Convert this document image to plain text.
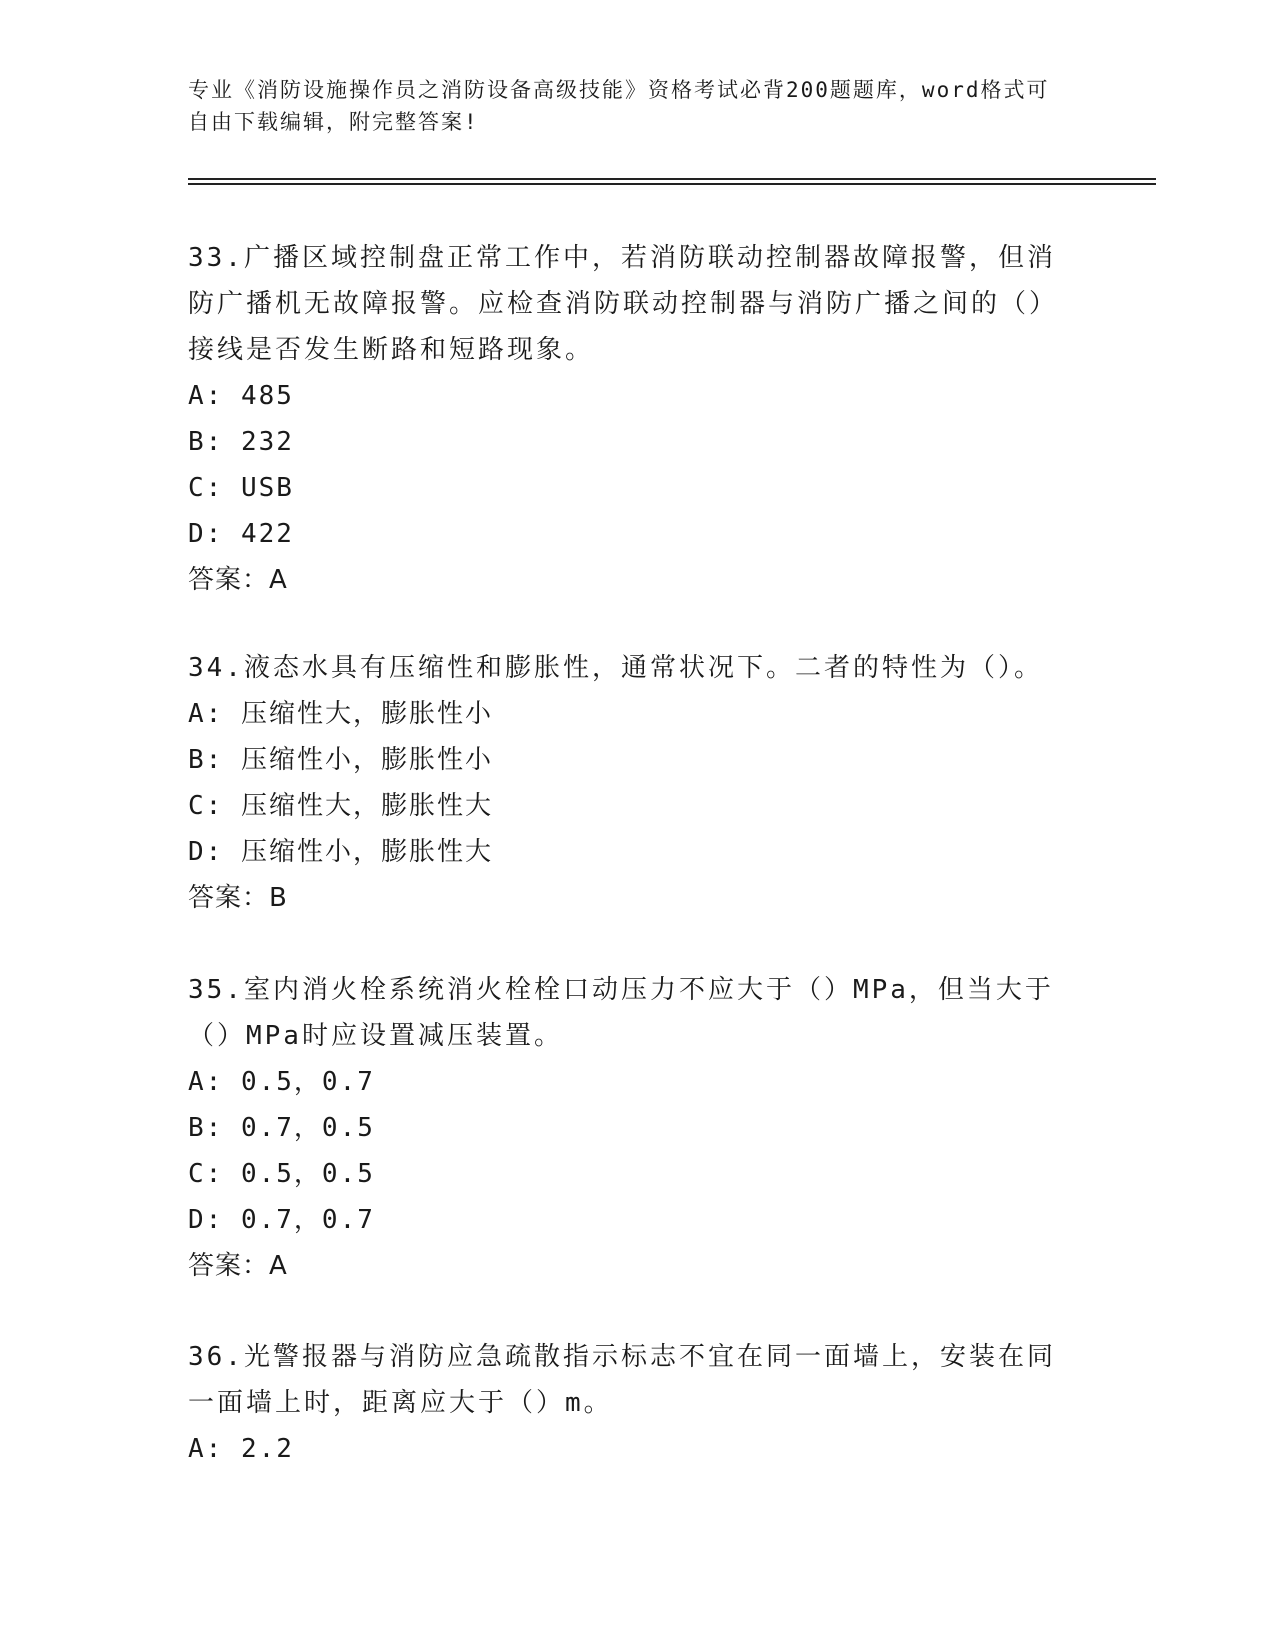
专业《消防设施操作员之消防设备高级技能》资格考试必背200题题库，word格式可自由下载编辑，附完整答案!

33.广播区域控制盘正常工作中，若消防联动控制器故障报警，但消防广播机无故障报警。应检查消防联动控制器与消防广播之间的（）接线是否发生断路和短路现象。

A: 485

B: 232

C: USB

D: 422

答案：A

34.液态水具有压缩性和膨胀性，通常状况下。二者的特性为（）。

A: 压缩性大，膨胀性小

B: 压缩性小，膨胀性小

C: 压缩性大，膨胀性大

D: 压缩性小，膨胀性大

答案：B

35.室内消火栓系统消火栓栓口动压力不应大于（）MPa，但当大于（）MPa时应设置减压装置。

A: 0.5，0.7

B: 0.7，0.5

C: 0.5，0.5

D: 0.7，0.7

答案：A

36.光警报器与消防应急疏散指示标志不宜在同一面墙上，安装在同一面墙上时，距离应大于（）m。

A: 2.2
